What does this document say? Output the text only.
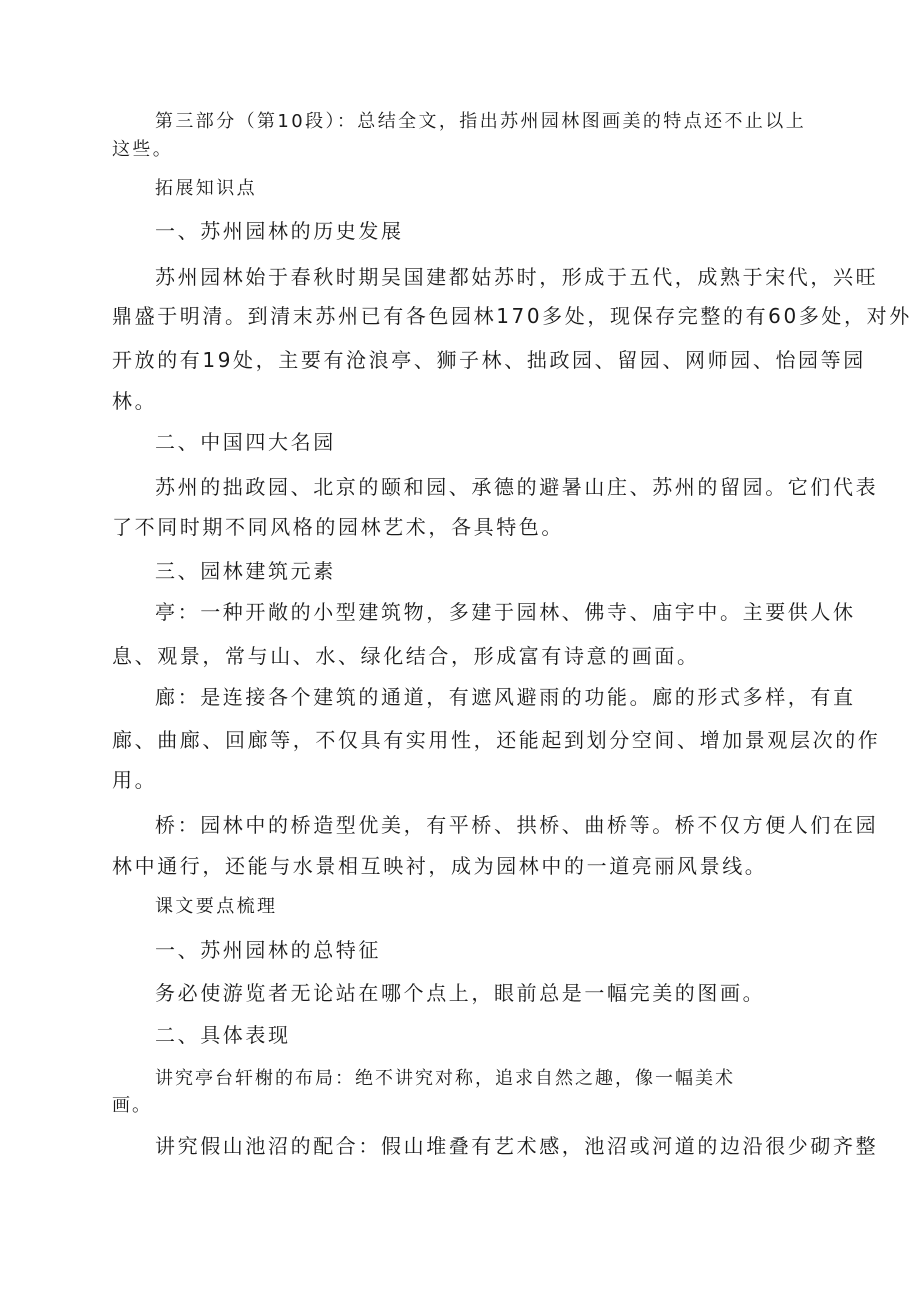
第三部分（第10段）：总结全文，指出苏州园林图画美的特点还不止以上
这些。
拓展知识点
一、苏州园林的历史发展
苏州园林始于春秋时期吴国建都姑苏时，形成于五代，成熟于宋代，兴旺
鼎盛于明清。到清末苏州已有各色园林170多处，现保存完整的有60多处，对外
开放的有19处，主要有沧浪亭、狮子林、拙政园、留园、网师园、怡园等园
林。
二、中国四大名园
苏州的拙政园、北京的颐和园、承德的避暑山庄、苏州的留园。它们代表
了不同时期不同风格的园林艺术，各具特色。
三、园林建筑元素
亭：一种开敞的小型建筑物，多建于园林、佛寺、庙宇中。主要供人休
息、观景，常与山、水、绿化结合，形成富有诗意的画面。
廊：是连接各个建筑的通道，有遮风避雨的功能。廊的形式多样，有直
廊、曲廊、回廊等，不仅具有实用性，还能起到划分空间、增加景观层次的作
用。
桥：园林中的桥造型优美，有平桥、拱桥、曲桥等。桥不仅方便人们在园
林中通行，还能与水景相互映衬，成为园林中的一道亮丽风景线。
课文要点梳理
一、苏州园林的总特征
务必使游览者无论站在哪个点上，眼前总是一幅完美的图画。
二、具体表现
讲究亭台轩榭的布局：绝不讲究对称，追求自然之趣，像一幅美术
画。
讲究假山池沼的配合：假山堆叠有艺术感，池沼或河道的边沿很少砌齐整
